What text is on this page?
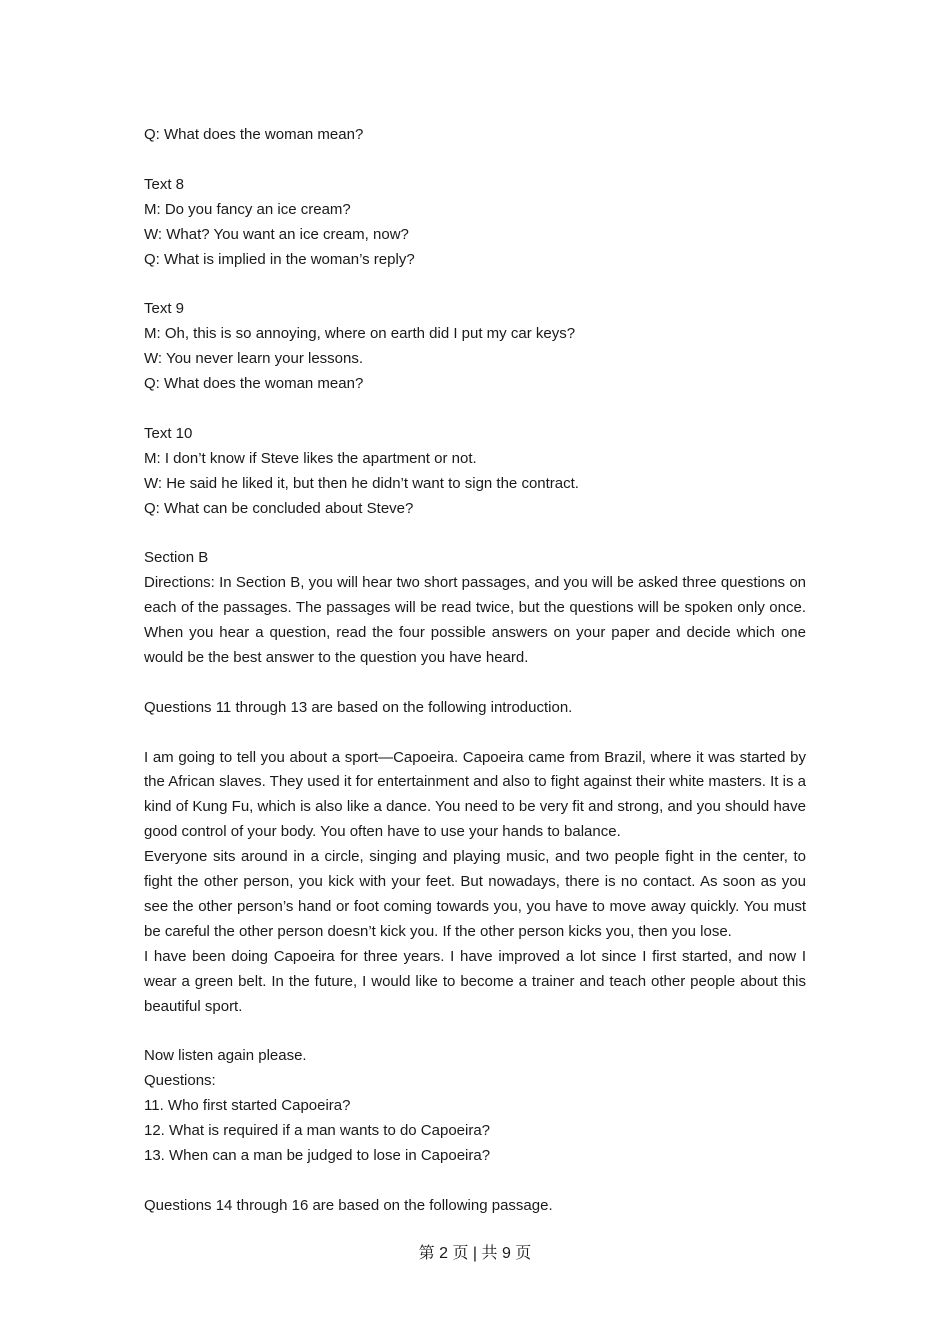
Q: What does the woman mean?
Text 8
M: Do you fancy an ice cream?
W: What? You want an ice cream, now?
Q: What is implied in the woman’s reply?
Text 9
M: Oh, this is so annoying, where on earth did I put my car keys?
W: You never learn your lessons.
Q: What does the woman mean?
Text 10
M: I don’t know if Steve likes the apartment or not.
W: He said he liked it, but then he didn’t want to sign the contract.
Q: What can be concluded about Steve?
Section B

Directions: In Section B, you will hear two short passages, and you will be asked three questions on each of the passages. The passages will be read twice, but the questions will be spoken only once. When you hear a question, read the four possible answers on your paper and decide which one would be the best answer to the question you have heard.

Questions 11 through 13 are based on the following introduction.

I am going to tell you about a sport—Capoeira. Capoeira came from Brazil, where it was started by the African slaves. They used it for entertainment and also to fight against their white masters. It is a kind of Kung Fu, which is also like a dance. You need to be very fit and strong, and you should have good control of your body. You often have to use your hands to balance.

Everyone sits around in a circle, singing and playing music, and two people fight in the center, to fight the other person, you kick with your feet. But nowadays, there is no contact. As soon as you see the other person’s hand or foot coming towards you, you have to move away quickly. You must be careful the other person doesn’t kick you. If the other person kicks you, then you lose.

I have been doing Capoeira for three years. I have improved a lot since I first started, and now I wear a green belt. In the future, I would like to become a trainer and teach other people about this beautiful sport.

Now listen again please.
Questions:
11. Who first started Capoeira?
12. What is required if a man wants to do Capoeira?
13. When can a man be judged to lose in Capoeira?
Questions 14 through 16 are based on the following passage.
第 2 页 | 共 9 页
